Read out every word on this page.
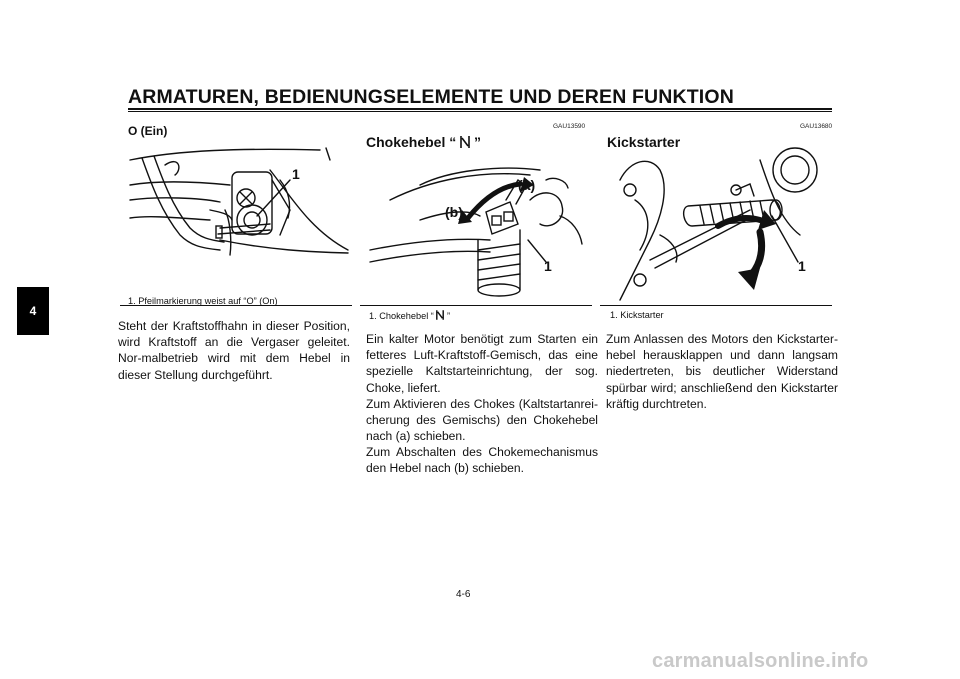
ARMATUREN, BEDIENUNGSELEMENTE UND DEREN FUNKTION
4
O (Ein)
1
1. Pfeilmarkierung weist auf “O” (On)

Steht der Kraftstoffhahn in dieser Position, wird Kraftstoff an die Vergaser geleitet. Nor-malbetrieb wird mit dem Hebel in dieser Stellung durchgeführt.

GAU13590
Chokehebel “  ”
(a)
(b)
1
1. Chokehebel “  ”

Ein kalter Motor benötigt zum Starten ein fetteres Luft-Kraftstoff-Gemisch, das eine spezielle Kaltstarteinrichtung, der sog. Choke, liefert.

Zum Aktivieren des Chokes (Kaltstartanrei-cherung des Gemischs) den Chokehebel nach (a) schieben.

Zum Abschalten des Chokemechanismus den Hebel nach (b) schieben.

GAU13680
Kickstarter
1
1. Kickstarter

Zum Anlassen des Motors den Kickstarter-hebel herausklappen und dann langsam niedertreten, bis deutlicher Widerstand spürbar wird; anschließend den Kickstarter kräftig durchtreten.

4-6
carmanualsonline.info
